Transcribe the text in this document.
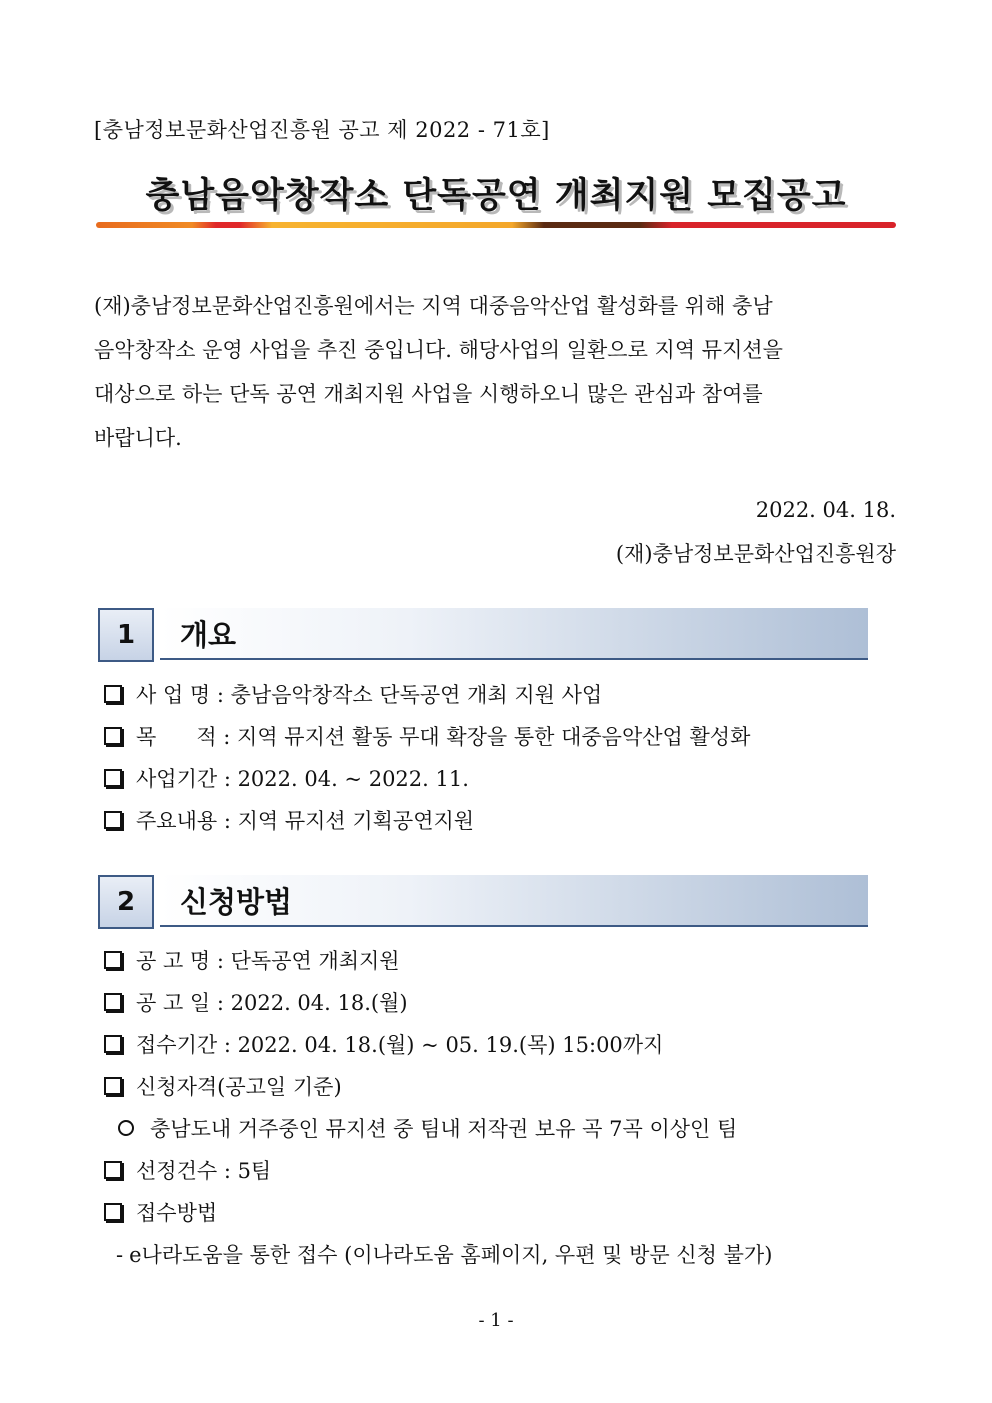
[충남정보문화산업진흥원 공고 제 2022 - 71호]
충남음악창작소 단독공연 개최지원 모집공고

(재)충남정보문화산업진흥원에서는 지역 대중음악산업 활성화를 위해 충남

음악창작소 운영 사업을 추진 중입니다. 해당사업의 일환으로 지역 뮤지션을

대상으로 하는 단독 공연 개최지원 사업을 시행하오니 많은 관심과 참여를

바랍니다.

2022. 04. 18.
(재)충남정보문화산업진흥원장
1	개요
사 업 명 : 충남음악창작소 단독공연 개최 지원 사업
목      적 : 지역 뮤지션 활동 무대 확장을 통한 대중음악산업 활성화
사업기간 : 2022. 04. ~ 2022. 11.
주요내용 : 지역 뮤지션 기획공연지원
2	신청방법
공 고 명 : 단독공연 개최지원
공 고 일 : 2022. 04. 18.(월)
접수기간 : 2022. 04. 18.(월) ~ 05. 19.(목) 15:00까지
신청자격(공고일 기준)
충남도내 거주중인 뮤지션 중 팀내 저작권 보유 곡 7곡 이상인 팀
선정건수 : 5팀
접수방법
- e나라도움을 통한 접수 (이나라도움 홈페이지, 우편 및 방문 신청 불가)
- 1 -
